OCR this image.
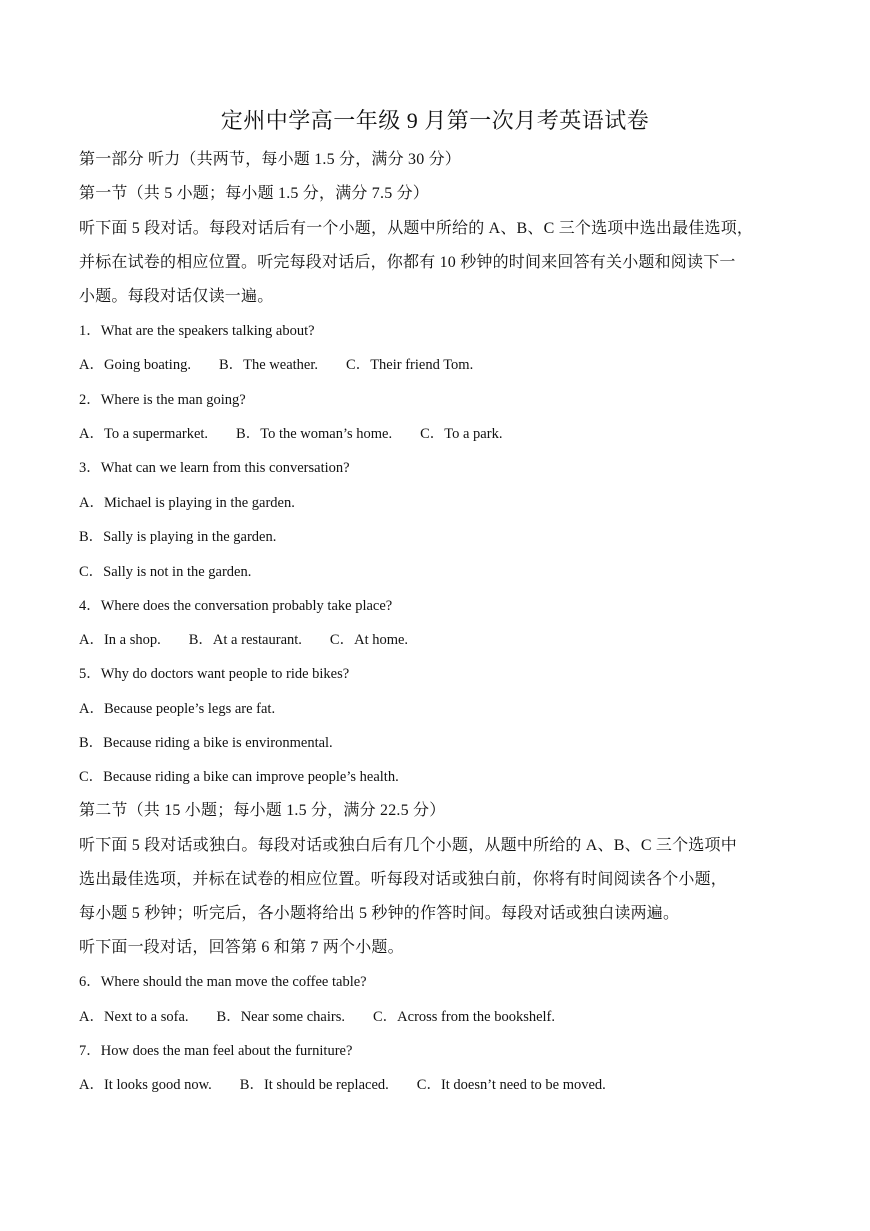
定州中学高一年级 9 月第一次月考英语试卷
第一部分 听力（共两节，每小题 1.5 分，满分 30 分）
第一节（共 5 小题；每小题 1.5 分，满分 7.5 分）
听下面 5 段对话。每段对话后有一个小题，从题中所给的 A、B、C 三个选项中选出最佳选项，
并标在试卷的相应位置。听完每段对话后，你都有 10 秒钟的时间来回答有关小题和阅读下一
小题。每段对话仅读一遍。
1．What are the speakers talking about?
A．Going boating. B．The weather. C．Their friend Tom.
2．Where is the man going?
A．To a supermarket. B．To the woman’s home. C．To a park.
3．What can we learn from this conversation?
A．Michael is playing in the garden.
B．Sally is playing in the garden.
C．Sally is not in the garden.
4．Where does the conversation probably take place?
A．In a shop. B．At a restaurant. C．At home.
5．Why do doctors want people to ride bikes?
A．Because people’s legs are fat.
B．Because riding a bike is environmental.
C．Because riding a bike can improve people’s health.
第二节（共 15 小题；每小题 1.5 分，满分 22.5 分）
听下面 5 段对话或独白。每段对话或独白后有几个小题，从题中所给的 A、B、C 三个选项中
选出最佳选项，并标在试卷的相应位置。听每段对话或独白前，你将有时间阅读各个小题，
每小题 5 秒钟；听完后，各小题将给出 5 秒钟的作答时间。每段对话或独白读两遍。
听下面一段对话，回答第 6 和第 7 两个小题。
6．Where should the man move the coffee table?
A．Next to a sofa. B．Near some chairs. C．Across from the bookshelf.
7．How does the man feel about the furniture?
A．It looks good now. B．It should be replaced. C．It doesn’t need to be moved.
